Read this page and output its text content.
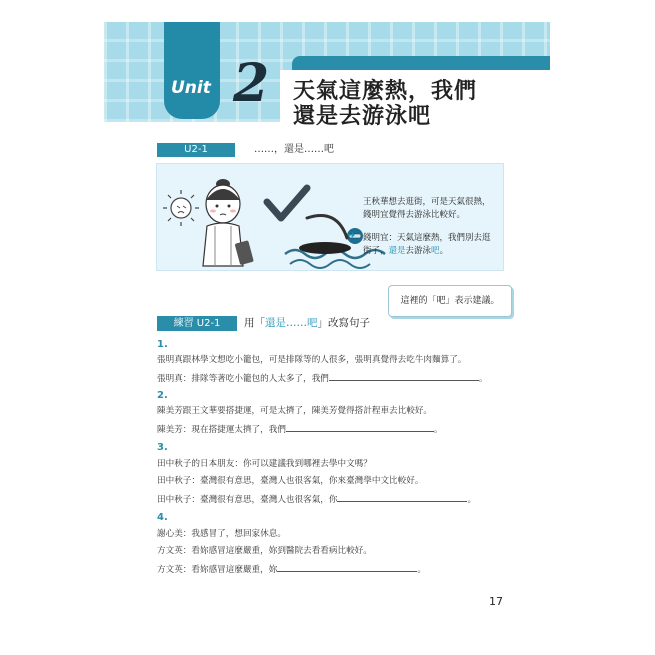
Unit 2 天氣這麼熱，我們
還是去游泳吧
U2-1	……，還是……吧
➜
王秋華想去逛街，可是天氣很熱，錢明宜覺得去游泳比較好。
錢明宜：天氣這麼熱，我們別去逛街了，還是去游泳吧。
這裡的「吧」表示建議。
練習 U2-1	用「還是……吧」改寫句子
1.
張明真跟林學文想吃小籠包，可是排隊等的人很多，張明真覺得去吃牛肉麵算了。
張明真：排隊等著吃小籠包的人太多了，我們	。
2.
陳美芳跟王文華要搭捷運，可是太擠了，陳美芳覺得搭計程車去比較好。
陳美芳：現在搭捷運太擠了，我們	。
3.
田中秋子的日本朋友：你可以建議我到哪裡去學中文嗎？
田中秋子：臺灣很有意思，臺灣人也很客氣，你來臺灣學中文比較好。
田中秋子：臺灣很有意思，臺灣人也很客氣，你	。
4.
謝心美：我感冒了，想回家休息。
方文英：看妳感冒這麼嚴重，妳到醫院去看看病比較好。
方文英：看妳感冒這麼嚴重，妳	。
17
